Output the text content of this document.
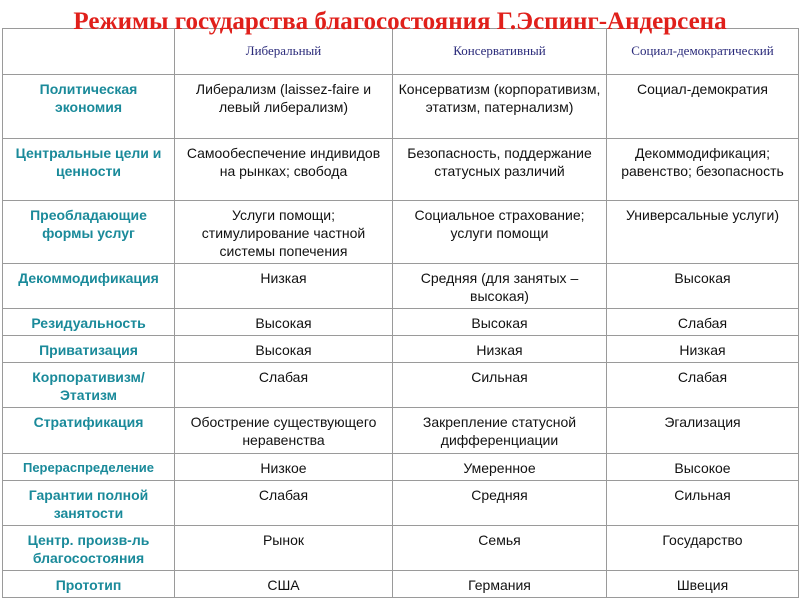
Режимы государства благосостояния Г.Эспинг-Андерсена
	Либеральный	Консервативный	Социал-демократический
Политическая экономия	Либерализм (laissez-faire и левый либерализм)	Консерватизм (корпоративизм, этатизм, патернализм)	Социал-демократия
Центральные цели и ценности	Самообеспечение индивидов на рынках; свобода	Безопасность, поддержание статусных различий	Декоммодификация; равенство; безопасность
Преобладающие формы услуг	Услуги помощи; стимулирование частной системы попечения	Социальное страхование; услуги помощи	Универсальные услуги)
Декоммодификация	Низкая	Средняя (для занятых – высокая)	Высокая
Резидуальность	Высокая	Высокая	Слабая
Приватизация	Высокая	Низкая	Низкая
Корпоративизм/ Этатизм	Слабая	Сильная	Слабая
Стратификация	Обострение существующего неравенства	Закрепление статусной дифференциации	Эгализация
Перераспределение	Низкое	Умеренное	Высокое
Гарантии полной занятости	Слабая	Средняя	Сильная
Центр. произв-ль благосостояния	Рынок	Семья	Государство
Прототип	США	Германия	Швеция
